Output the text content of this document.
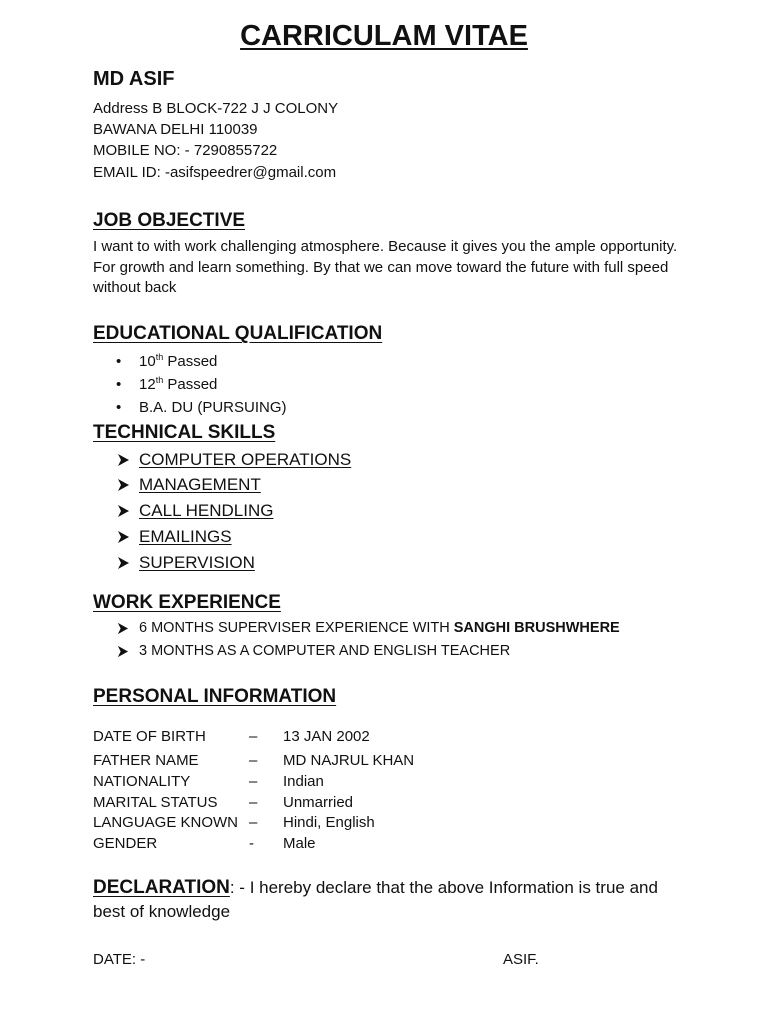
CARRICULAM VITAE
MD ASIF
Address B BLOCK-722 J J COLONY
BAWANA DELHI 110039
MOBILE NO: - 7290855722
EMAIL ID: -asifspeedrer@gmail.com
JOB OBJECTIVE
I want to with work challenging atmosphere. Because it gives you the ample opportunity. For growth and learn something. By that we can move toward the future with full speed without back
EDUCATIONAL QUALIFICATION
•	10th Passed
•	12th Passed
•	B.A. DU (PURSUING)
TECHNICAL SKILLS
COMPUTER OPERATIONS
MANAGEMENT
CALL HENDLING
EMAILINGS
SUPERVISION
WORK EXPERIENCE
6 MONTHS SUPERVISER EXPERIENCE WITH SANGHI BRUSHWHERE
3 MONTHS AS A COMPUTER AND ENGLISH TEACHER
PERSONAL INFORMATION
DATE OF BIRTH	– 13 JAN 2002
FATHER NAME	– MD NAJRUL KHAN
NATIONALITY	– Indian
MARITAL STATUS – Unmarried
LANGUAGE KNOWN – Hindi, English
GENDER	- Male
DECLARATION: - I hereby declare that the above Information is true and best of knowledge
DATE: -	ASIF.
